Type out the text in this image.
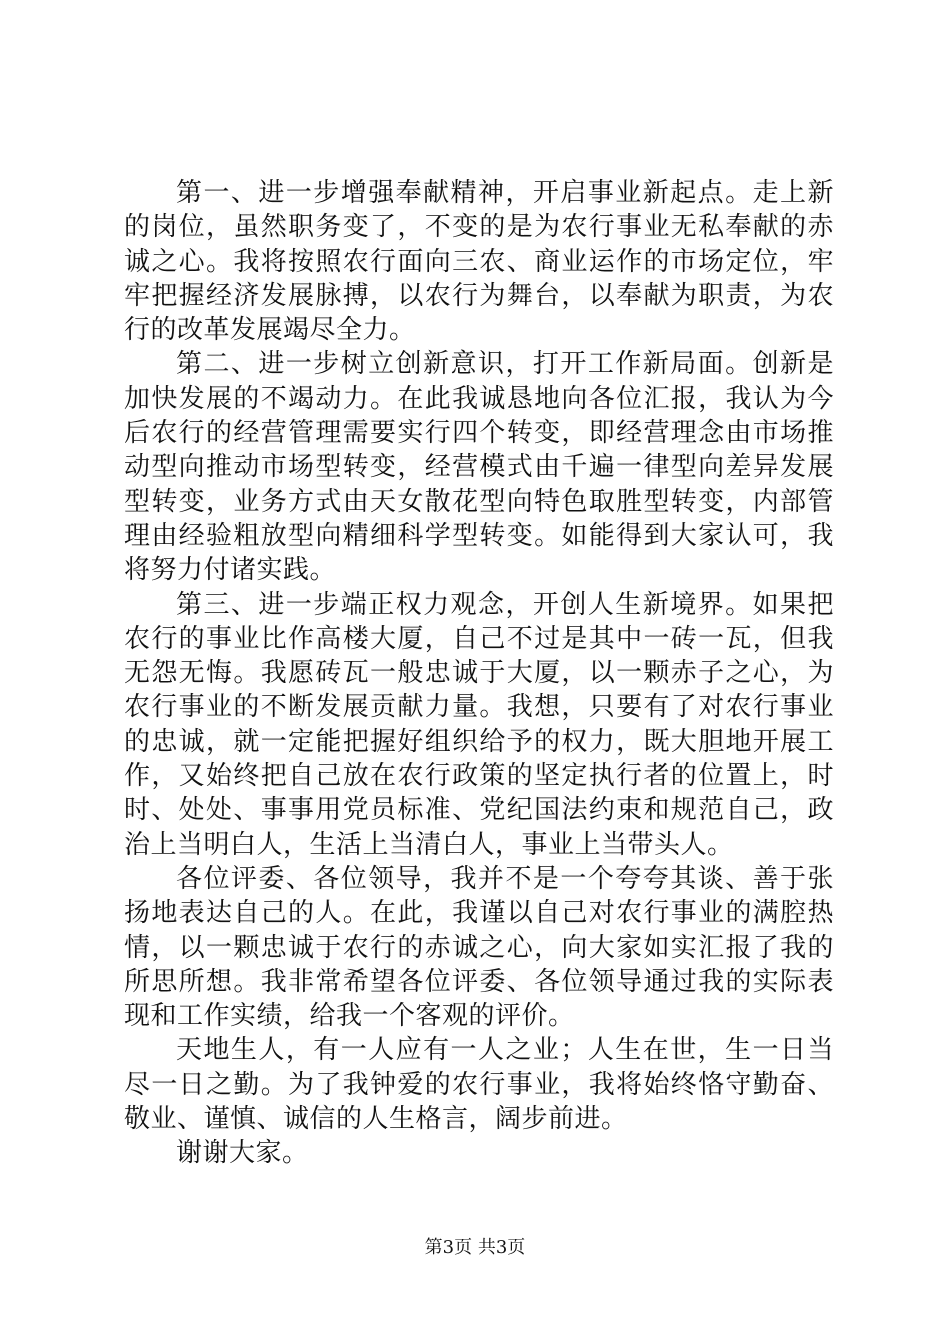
第一、进一步增强奉献精神，开启事业新起点。走上新的岗位，虽然职务变了，不变的是为农行事业无私奉献的赤诚之心。我将按照农行面向三农、商业运作的市场定位，牢牢把握经济发展脉搏，以农行为舞台，以奉献为职责，为农行的改革发展竭尽全力。

第二、进一步树立创新意识，打开工作新局面。创新是加快发展的不竭动力。在此我诚恳地向各位汇报，我认为今后农行的经营管理需要实行四个转变，即经营理念由市场推动型向推动市场型转变，经营模式由千遍一律型向差异发展型转变，业务方式由天女散花型向特色取胜型转变，内部管理由经验粗放型向精细科学型转变。如能得到大家认可，我将努力付诸实践。

第三、进一步端正权力观念，开创人生新境界。如果把农行的事业比作高楼大厦，自己不过是其中一砖一瓦，但我无怨无悔。我愿砖瓦一般忠诚于大厦，以一颗赤子之心，为农行事业的不断发展贡献力量。我想，只要有了对农行事业的忠诚，就一定能把握好组织给予的权力，既大胆地开展工作，又始终把自己放在农行政策的坚定执行者的位置上，时时、处处、事事用党员标准、党纪国法约束和规范自己，政治上当明白人，生活上当清白人，事业上当带头人。

各位评委、各位领导，我并不是一个夸夸其谈、善于张扬地表达自己的人。在此，我谨以自己对农行事业的满腔热情，以一颗忠诚于农行的赤诚之心，向大家如实汇报了我的所思所想。我非常希望各位评委、各位领导通过我的实际表现和工作实绩，给我一个客观的评价。

天地生人，有一人应有一人之业；人生在世，生一日当尽一日之勤。为了我钟爱的农行事业，我将始终恪守勤奋、敬业、谨慎、诚信的人生格言，阔步前进。

谢谢大家。

第3页 共3页
